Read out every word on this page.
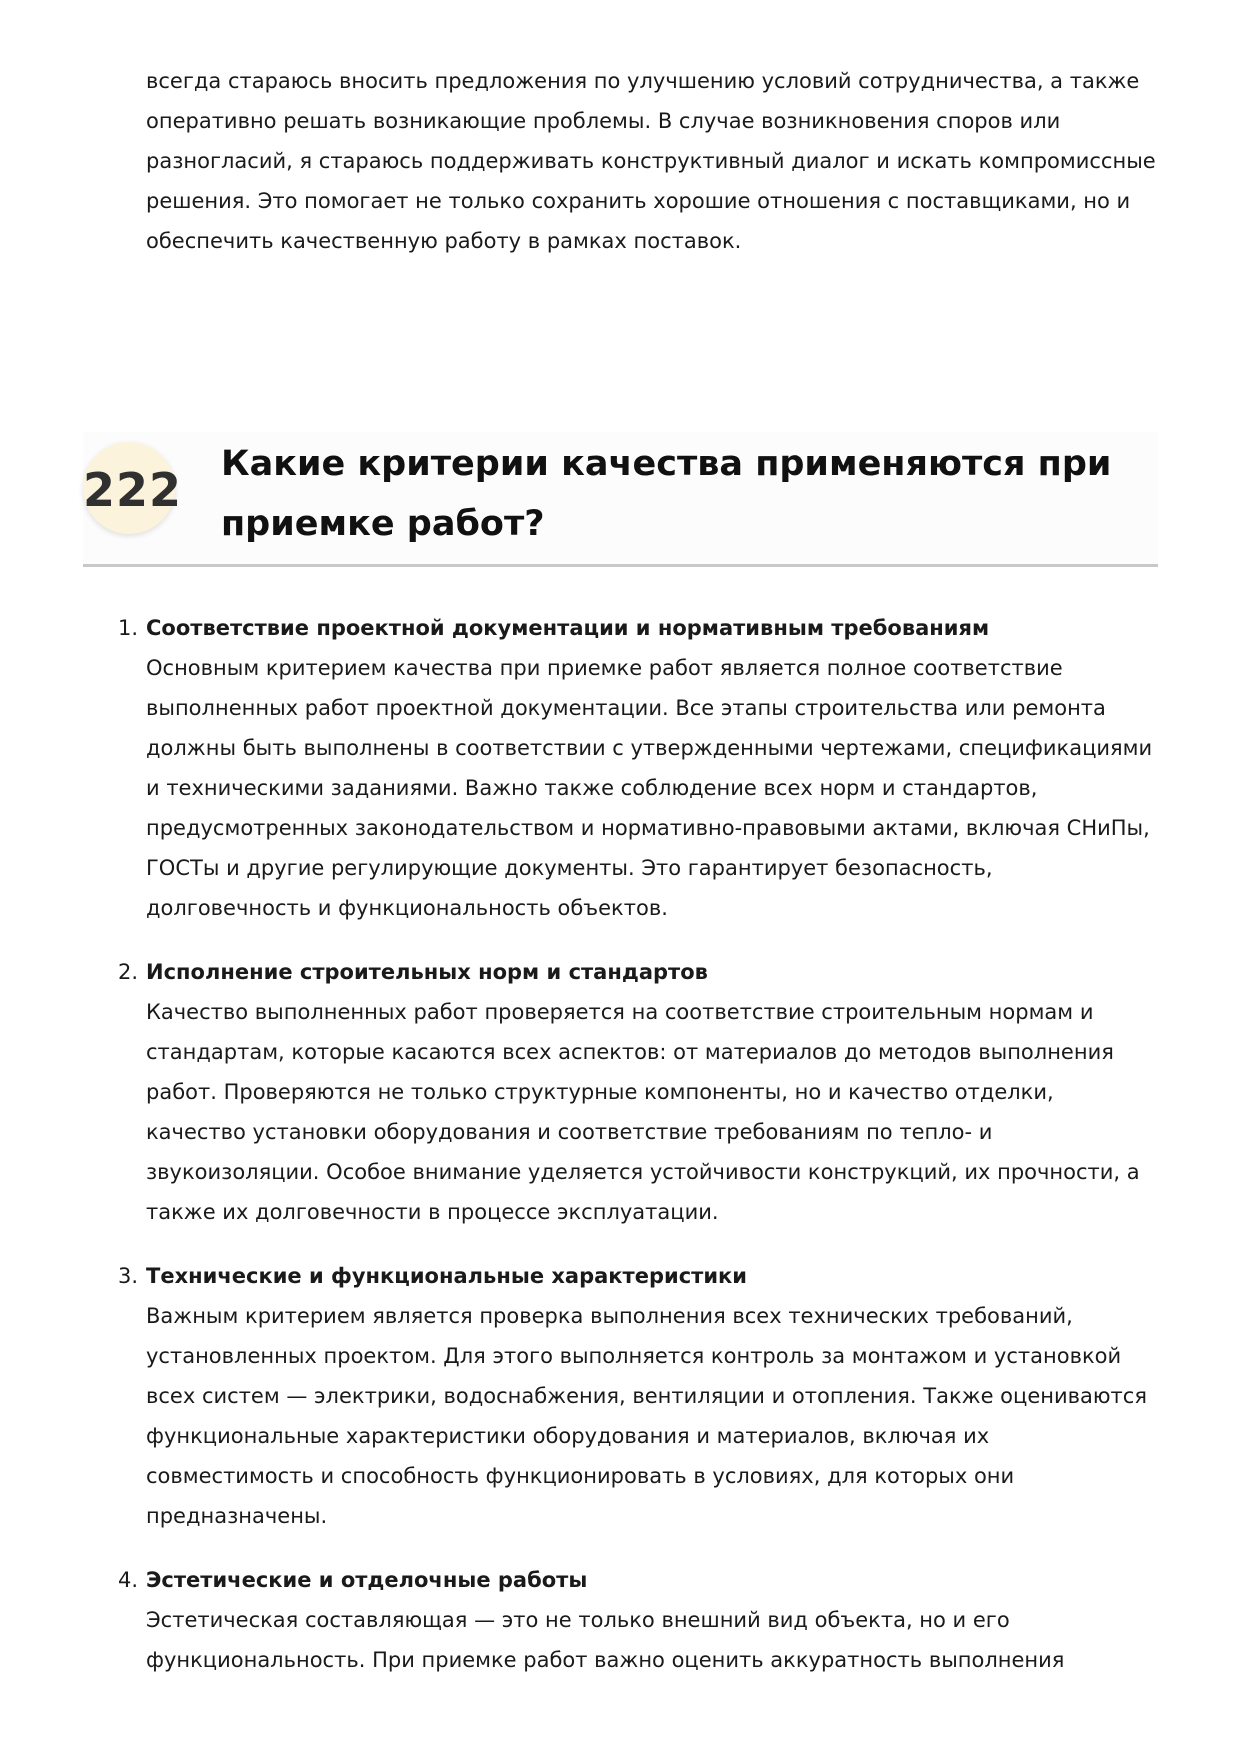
всегда стараюсь вносить предложения по улучшению условий сотрудничества, а также оперативно решать возникающие проблемы. В случае возникновения споров или разногласий, я стараюсь поддерживать конструктивный диалог и искать компромиссные решения. Это помогает не только сохранить хорошие отношения с поставщиками, но и обеспечить качественную работу в рамках поставок.

222 Какие критерии качества применяются при приемке работ?
1. Соответствие проектной документации и нормативным требованиям
Основным критерием качества при приемке работ является полное соответствие выполненных работ проектной документации. Все этапы строительства или ремонта должны быть выполнены в соответствии с утвержденными чертежами, спецификациями и техническими заданиями. Важно также соблюдение всех норм и стандартов, предусмотренных законодательством и нормативно-правовыми актами, включая СНиПы, ГОСТы и другие регулирующие документы. Это гарантирует безопасность, долговечность и функциональность объектов.
2. Исполнение строительных норм и стандартов
Качество выполненных работ проверяется на соответствие строительным нормам и стандартам, которые касаются всех аспектов: от материалов до методов выполнения работ. Проверяются не только структурные компоненты, но и качество отделки, качество установки оборудования и соответствие требованиям по тепло- и звукоизоляции. Особое внимание уделяется устойчивости конструкций, их прочности, а также их долговечности в процессе эксплуатации.
3. Технические и функциональные характеристики
Важным критерием является проверка выполнения всех технических требований, установленных проектом. Для этого выполняется контроль за монтажом и установкой всех систем — электрики, водоснабжения, вентиляции и отопления. Также оцениваются функциональные характеристики оборудования и материалов, включая их совместимость и способность функционировать в условиях, для которых они предназначены.
4. Эстетические и отделочные работы
Эстетическая составляющая — это не только внешний вид объекта, но и его функциональность. При приемке работ важно оценить аккуратность выполнения
